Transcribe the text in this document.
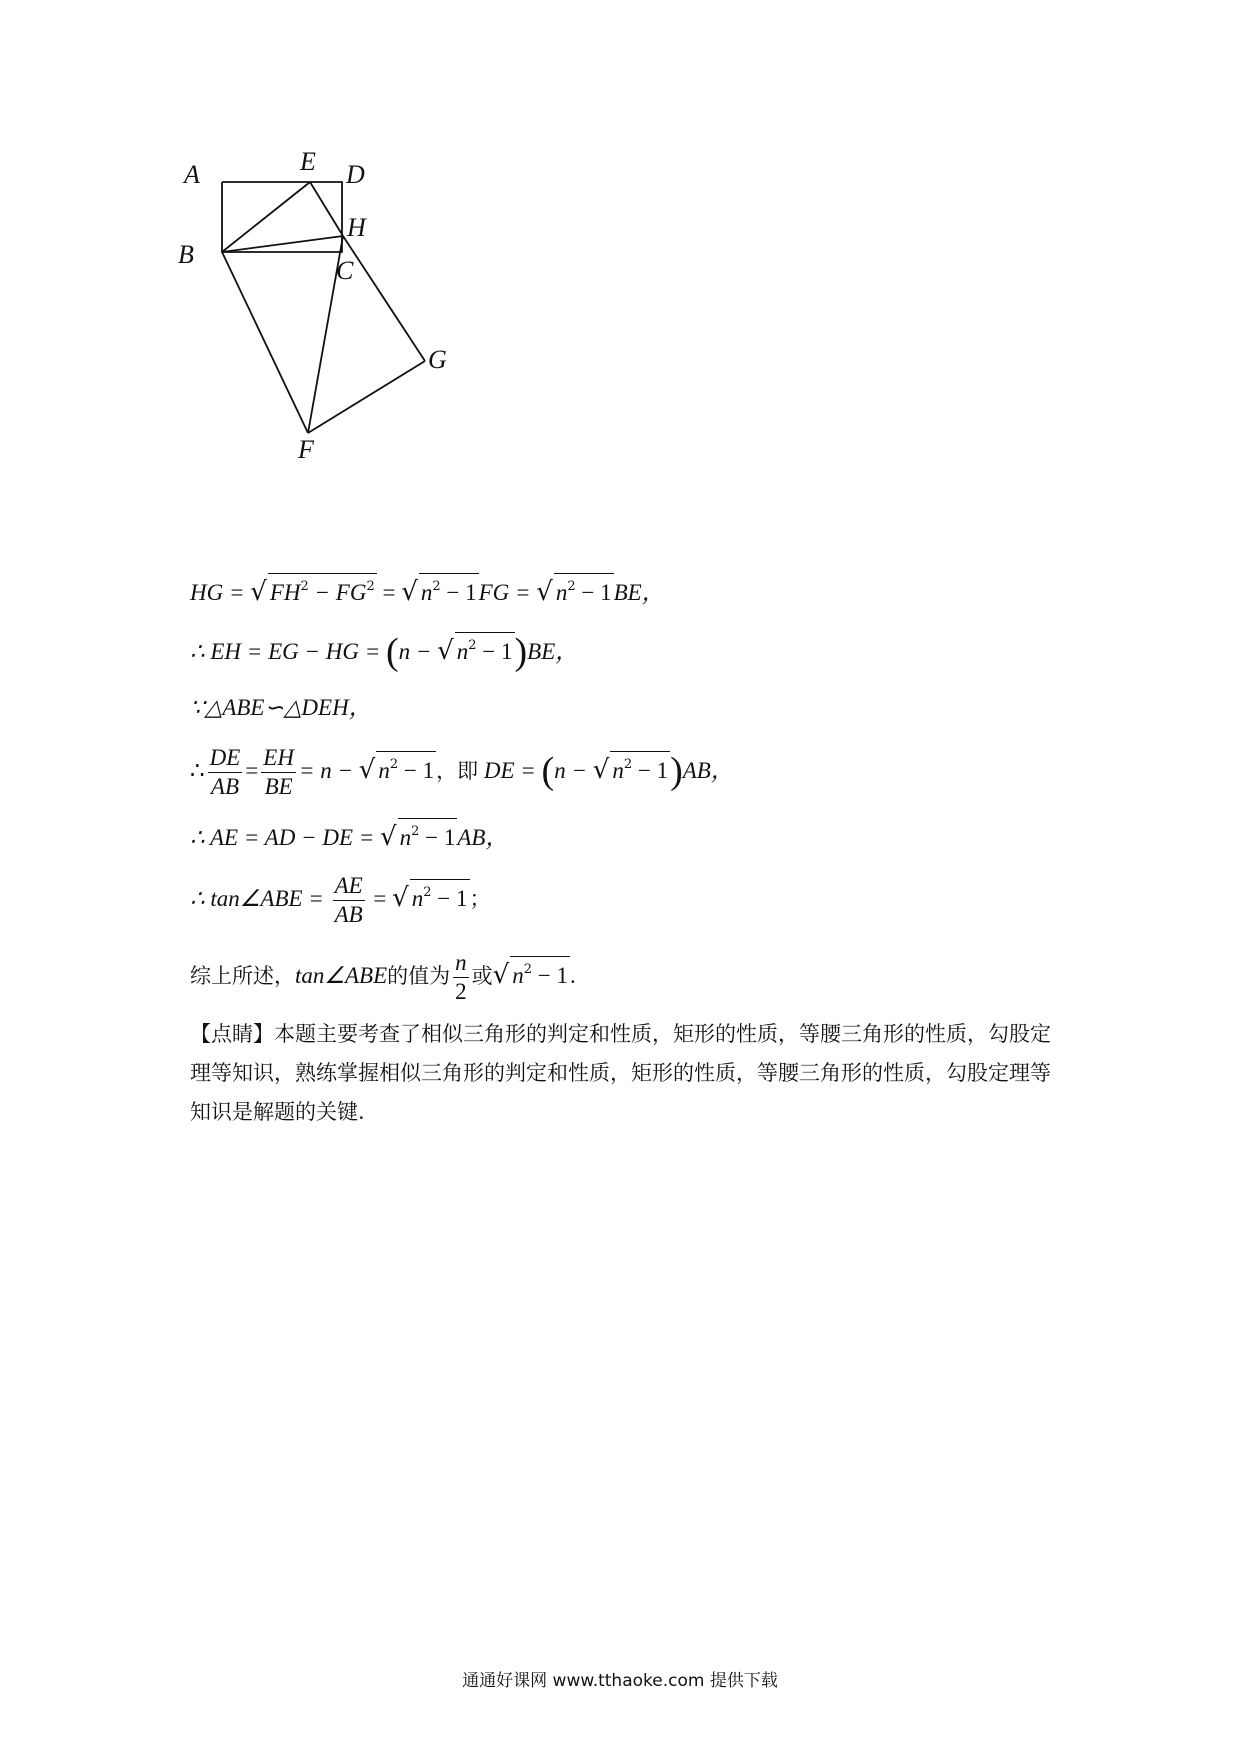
A	E D
H
B
C
G
F
HG = √ $FH^2 - FG^2$ = √ $n^2 - 1FG$ = √ $n^2 - 1BE$，
∴ EH = EG − HG = (n − √ $n^2 - 1)BE$，
∵△ABE∽△DEH，
∴ $\frac{DE}{AB} = \frac{EH}{BE} = n$ − √ $n^2 - 1$，即 DE = (n − √ $n^2 - 1)AB$，
∴ AE = AD − DE = √ $n^2 - 1AB$，
∴ tan∠ABE = $\frac{AE}{AB}$ = √ $n^2 - 1$；
综上所述，tan∠ABE的值为 $\frac{n}{2}$ 或√ $n^2 - 1$.
【点睛】本题主要考查了相似三角形的判定和性质，矩形的性质，等腰三角形的性质，勾股定理等知识，熟练掌握相似三角形的判定和性质，矩形的性质，等腰三角形的性质，勾股定理等知识是解题的关键.
通通好课网 www.tthaoke.com 提供下载
